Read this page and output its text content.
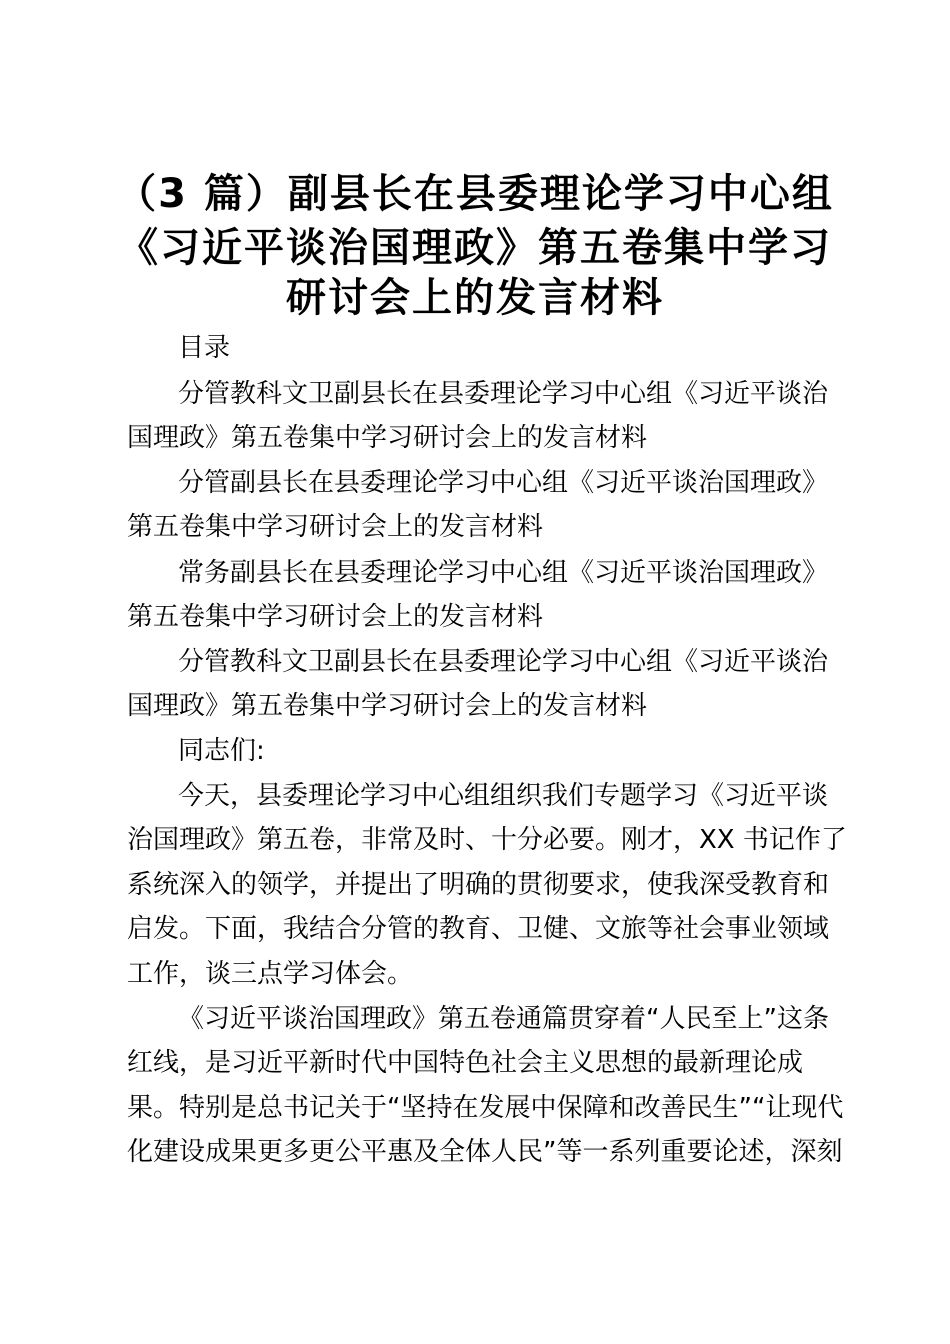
（3 篇）副县长在县委理论学习中心组
《习近平谈治国理政》第五卷集中学习
研讨会上的发言材料
目录
分管教科文卫副县长在县委理论学习中心组《习近平谈治
国理政》第五卷集中学习研讨会上的发言材料
分管副县长在县委理论学习中心组《习近平谈治国理政》
第五卷集中学习研讨会上的发言材料
常务副县长在县委理论学习中心组《习近平谈治国理政》
第五卷集中学习研讨会上的发言材料
分管教科文卫副县长在县委理论学习中心组《习近平谈治
国理政》第五卷集中学习研讨会上的发言材料
同志们:
今天，县委理论学习中心组组织我们专题学习《习近平谈
治国理政》第五卷，非常及时、十分必要。刚才，XX 书记作了
系统深入的领学，并提出了明确的贯彻要求，使我深受教育和
启发。下面，我结合分管的教育、卫健、文旅等社会事业领域
工作，谈三点学习体会。
《习近平谈治国理政》第五卷通篇贯穿着“人民至上”这条
红线，是习近平新时代中国特色社会主义思想的最新理论成
果。特别是总书记关于“坚持在发展中保障和改善民生”“让现代
化建设成果更多更公平惠及全体人民”等一系列重要论述，深刻
